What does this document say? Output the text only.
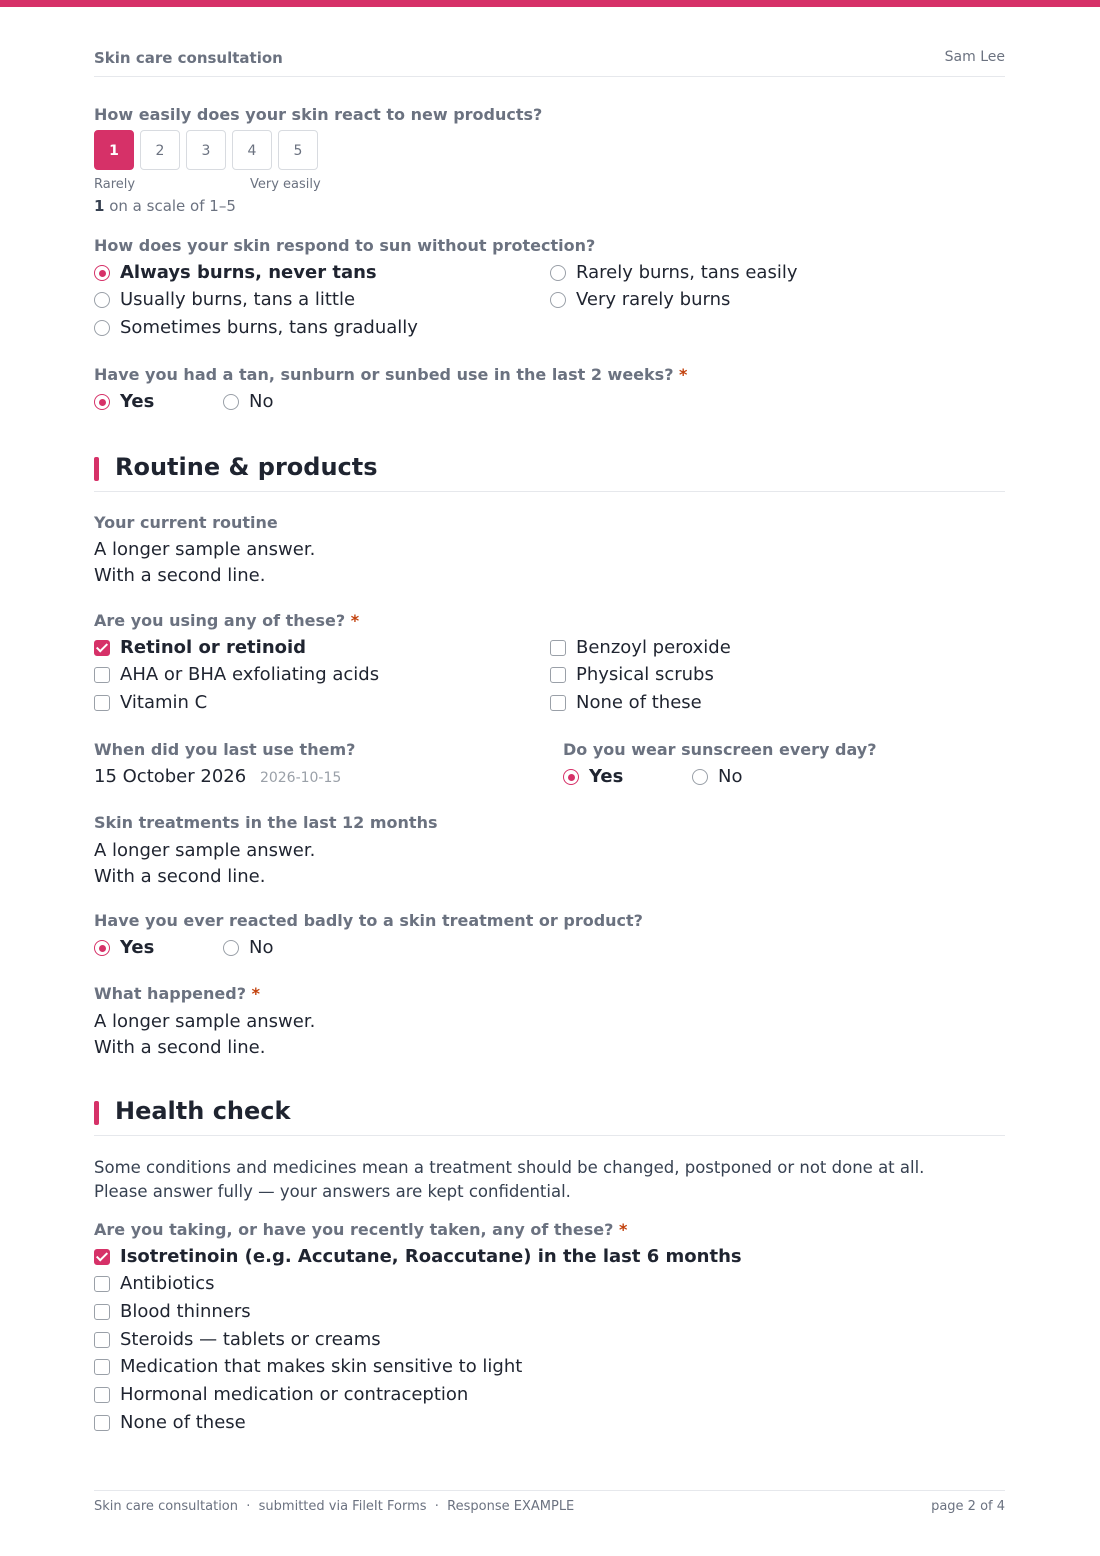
Skin care consultation	Sam Lee
How easily does your skin react to new products?
1	2	3	4	5
Rarely	Very easily
1 on a scale of 1–5
How does your skin respond to sun without protection?
Always burns, never tans
Usually burns, tans a little
Sometimes burns, tans gradually
Rarely burns, tans easily
Very rarely burns
Have you had a tan, sunburn or sunbed use in the last 2 weeks? *
Yes	No
Routine & products
Your current routine
A longer sample answer.
With a second line.
Are you using any of these? *
Retinol or retinoid
AHA or BHA exfoliating acids
Vitamin C
Benzoyl peroxide
Physical scrubs
None of these
When did you last use them?
15 October 2026 2026-10-15
Do you wear sunscreen every day?
Yes	No
Skin treatments in the last 12 months
A longer sample answer.
With a second line.
Have you ever reacted badly to a skin treatment or product?
Yes	No
What happened? *
A longer sample answer.
With a second line.
Health check
Some conditions and medicines mean a treatment should be changed, postponed or not done at all.
Please answer fully — your answers are kept confidential.
Are you taking, or have you recently taken, any of these? *
Isotretinoin (e.g. Accutane, Roaccutane) in the last 6 months
Antibiotics
Blood thinners
Steroids — tablets or creams
Medication that makes skin sensitive to light
Hormonal medication or contraception
None of these
Skin care consultation  ·  submitted via FileIt Forms  ·  Response EXAMPLE	page 2 of 4
